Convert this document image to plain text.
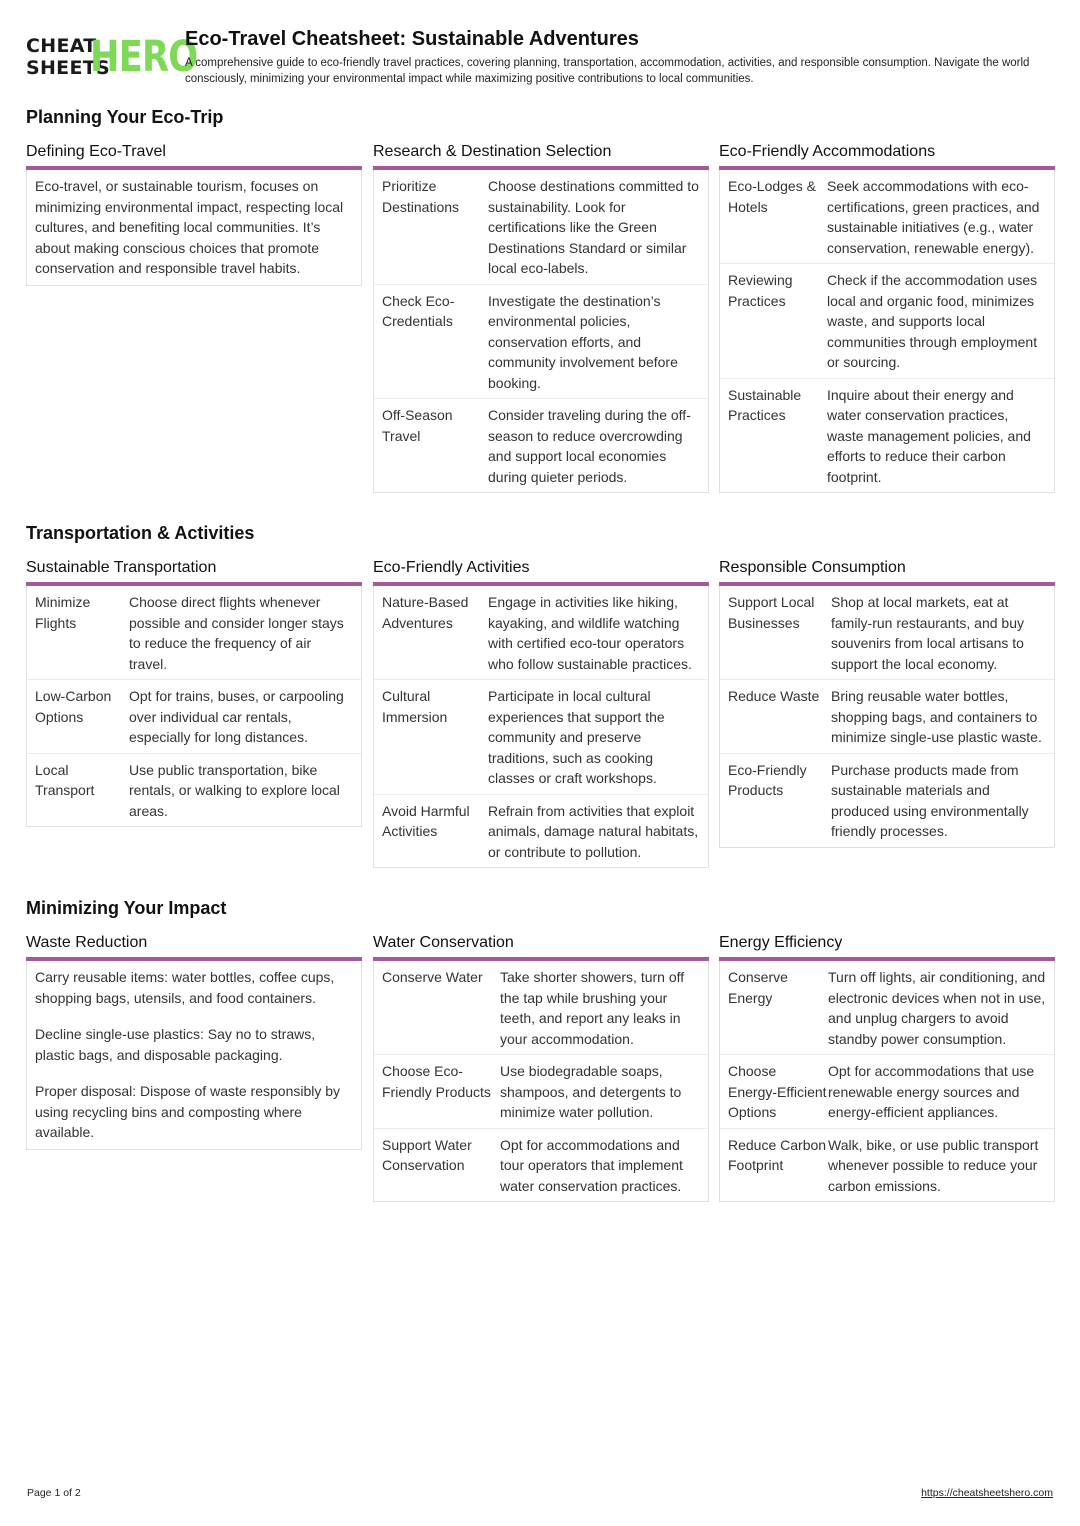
CHEAT
SHEETS
HERO
Eco-Travel Cheatsheet: Sustainable Adventures
A comprehensive guide to eco-friendly travel practices, covering planning, transportation, accommodation, activities, and responsible consumption. Navigate the world consciously, minimizing your environmental impact while maximizing positive contributions to local communities.
Planning Your Eco-Trip
Defining Eco-Travel
Eco-travel, or sustainable tourism, focuses on minimizing environmental impact, respecting local cultures, and benefiting local communities. It’s about making conscious choices that promote conservation and responsible travel habits.
Research & Destination Selection
Prioritize Destinations
Choose destinations committed to sustainability. Look for certifications like the Green Destinations Standard or similar local eco-labels.
Check Eco-Credentials
Investigate the destination’s environmental policies, conservation efforts, and community involvement before booking.
Off-Season Travel
Consider traveling during the off-season to reduce overcrowding and support local economies during quieter periods.
Eco-Friendly Accommodations
Eco-Lodges & Hotels
Seek accommodations with eco-certifications, green practices, and sustainable initiatives (e.g., water conservation, renewable energy).
Reviewing Practices
Check if the accommodation uses local and organic food, minimizes waste, and supports local communities through employment or sourcing.
Sustainable Practices
Inquire about their energy and water conservation practices, waste management policies, and efforts to reduce their carbon footprint.
Transportation & Activities
Sustainable Transportation
Minimize Flights
Choose direct flights whenever possible and consider longer stays to reduce the frequency of air travel.
Low-Carbon Options
Opt for trains, buses, or carpooling over individual car rentals, especially for long distances.
Local Transport
Use public transportation, bike rentals, or walking to explore local areas.
Eco-Friendly Activities
Nature-Based Adventures
Engage in activities like hiking, kayaking, and wildlife watching with certified eco-tour operators who follow sustainable practices.
Cultural Immersion
Participate in local cultural experiences that support the community and preserve traditions, such as cooking classes or craft workshops.
Avoid Harmful Activities
Refrain from activities that exploit animals, damage natural habitats, or contribute to pollution.
Responsible Consumption
Support Local Businesses
Shop at local markets, eat at family-run restaurants, and buy souvenirs from local artisans to support the local economy.
Reduce Waste Bring reusable water bottles, shopping bags, and containers to minimize single-use plastic waste.
Eco-Friendly Products
Purchase products made from sustainable materials and produced using environmentally friendly processes.
Minimizing Your Impact
Waste Reduction

Carry reusable items: water bottles, coffee cups, shopping bags, utensils, and food containers.

Decline single-use plastics: Say no to straws, plastic bags, and disposable packaging.

Proper disposal: Dispose of waste responsibly by using recycling bins and composting where available.

Water Conservation
Conserve Water	Take shorter showers, turn off the tap while brushing your teeth, and report any leaks in your accommodation.
Choose Eco-Friendly Products
Use biodegradable soaps, shampoos, and detergents to minimize water pollution.
Support Water Conservation
Opt for accommodations and tour operators that implement water conservation practices.
Energy Efficiency
Conserve Energy
Turn off lights, air conditioning, and electronic devices when not in use, and unplug chargers to avoid standby power consumption.
Choose Energy-Efficient Options
Opt for accommodations that use renewable energy sources and energy-efficient appliances.
Reduce Carbon Footprint
Walk, bike, or use public transport whenever possible to reduce your carbon emissions.
Page 1 of 2	https://cheatsheetshero.com
